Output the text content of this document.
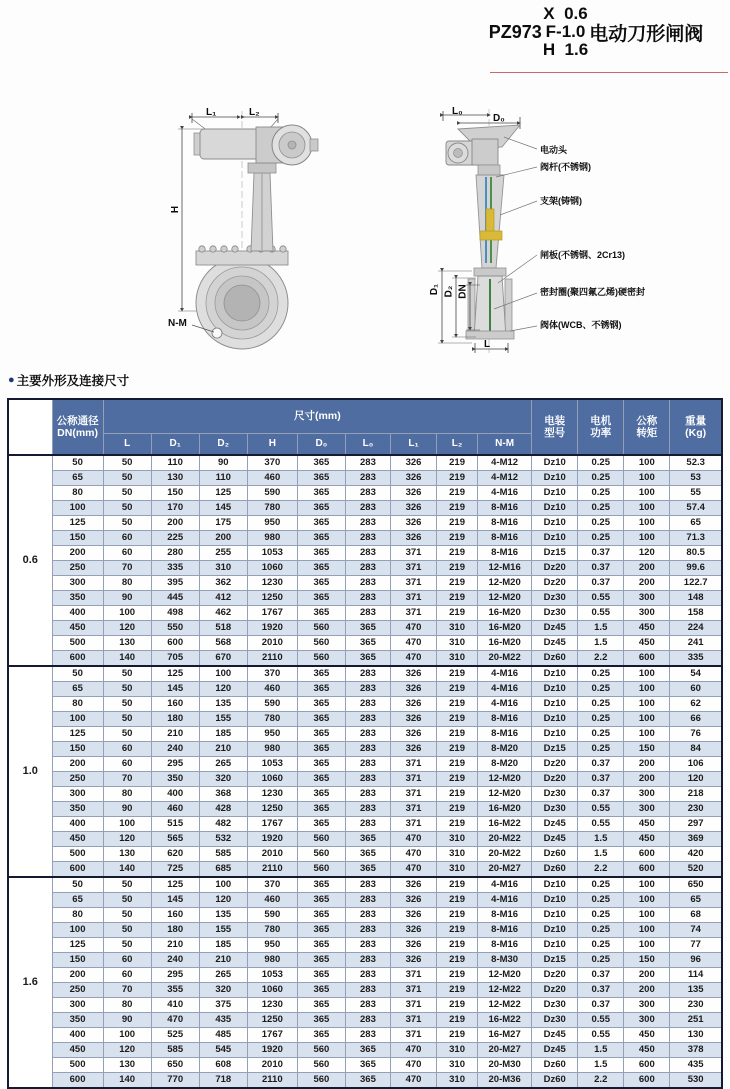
PZ973
X  0.6
F-1.0
H  1.6
电动刀形闸阀
L₁	L₂
H
N-M
L₀
D₀
D₁ D₂ DN
L
电动头
阀杆(不锈钢)
支架(铸钢)
闸板(不锈钢、2Cr13)
密封圈(聚四氟乙烯)硬密封
阀体(WCB、不锈钢)
● 主要外形及连接尺寸
公称压力
(Mpa)

公称通径
DN(mm)
	尺寸(mm)	电装
型号

电机
功率

公称
转矩

重量
(Kg)

		L	D₁	D₂	H	D₀	L₀	L₁	L₂	N-M				
0.6	50	50	110	90	370	365	283	326	219	4-M12	Dz10	0.25	100	52.3
	65	50	130	110	460	365	283	326	219	4-M12	Dz10	0.25	100	53
	80	50	150	125	590	365	283	326	219	4-M16	Dz10	0.25	100	55
	100	50	170	145	780	365	283	326	219	8-M16	Dz10	0.25	100	57.4
	125	50	200	175	950	365	283	326	219	8-M16	Dz10	0.25	100	65
	150	60	225	200	980	365	283	326	219	8-M16	Dz10	0.25	100	71.3
	200	60	280	255	1053	365	283	371	219	8-M16	Dz15	0.37	120	80.5
	250	70	335	310	1060	365	283	371	219	12-M16	Dz20	0.37	200	99.6
	300	80	395	362	1230	365	283	371	219	12-M20	Dz20	0.37	200	122.7
	350	90	445	412	1250	365	283	371	219	12-M20	Dz30	0.55	300	148
	400	100	498	462	1767	365	283	371	219	16-M20	Dz30	0.55	300	158
	450	120	550	518	1920	560	365	470	310	16-M20	Dz45	1.5	450	224
	500	130	600	568	2010	560	365	470	310	16-M20	Dz45	1.5	450	241
	600	140	705	670	2110	560	365	470	310	20-M22	Dz60	2.2	600	335
1.0	50	50	125	100	370	365	283	326	219	4-M16	Dz10	0.25	100	54
	65	50	145	120	460	365	283	326	219	4-M16	Dz10	0.25	100	60
	80	50	160	135	590	365	283	326	219	4-M16	Dz10	0.25	100	62
	100	50	180	155	780	365	283	326	219	8-M16	Dz10	0.25	100	66
	125	50	210	185	950	365	283	326	219	8-M16	Dz10	0.25	100	76
	150	60	240	210	980	365	283	326	219	8-M20	Dz15	0.25	150	84
	200	60	295	265	1053	365	283	371	219	8-M20	Dz20	0.37	200	106
	250	70	350	320	1060	365	283	371	219	12-M20	Dz20	0.37	200	120
	300	80	400	368	1230	365	283	371	219	12-M20	Dz30	0.37	300	218
	350	90	460	428	1250	365	283	371	219	16-M20	Dz30	0.55	300	230
	400	100	515	482	1767	365	283	371	219	16-M22	Dz45	0.55	450	297
	450	120	565	532	1920	560	365	470	310	20-M22	Dz45	1.5	450	369
	500	130	620	585	2010	560	365	470	310	20-M22	Dz60	1.5	600	420
	600	140	725	685	2110	560	365	470	310	20-M27	Dz60	2.2	600	520
1.6	50	50	125	100	370	365	283	326	219	4-M16	Dz10	0.25	100	650
	65	50	145	120	460	365	283	326	219	4-M16	Dz10	0.25	100	65
	80	50	160	135	590	365	283	326	219	8-M16	Dz10	0.25	100	68
	100	50	180	155	780	365	283	326	219	8-M16	Dz10	0.25	100	74
	125	50	210	185	950	365	283	326	219	8-M16	Dz10	0.25	100	77
	150	60	240	210	980	365	283	326	219	8-M30	Dz15	0.25	150	96
	200	60	295	265	1053	365	283	371	219	12-M20	Dz20	0.37	200	114
	250	70	355	320	1060	365	283	371	219	12-M22	Dz20	0.37	200	135
	300	80	410	375	1230	365	283	371	219	12-M22	Dz30	0.37	300	230
	350	90	470	435	1250	365	283	371	219	16-M22	Dz30	0.55	300	251
	400	100	525	485	1767	365	283	371	219	16-M27	Dz45	0.55	450	130
	450	120	585	545	1920	560	365	470	310	20-M27	Dz45	1.5	450	378
	500	130	650	608	2010	560	365	470	310	20-M30	Dz60	1.5	600	435
	600	140	770	718	2110	560	365	470	310	20-M36	Dz60	2.2	600	530
